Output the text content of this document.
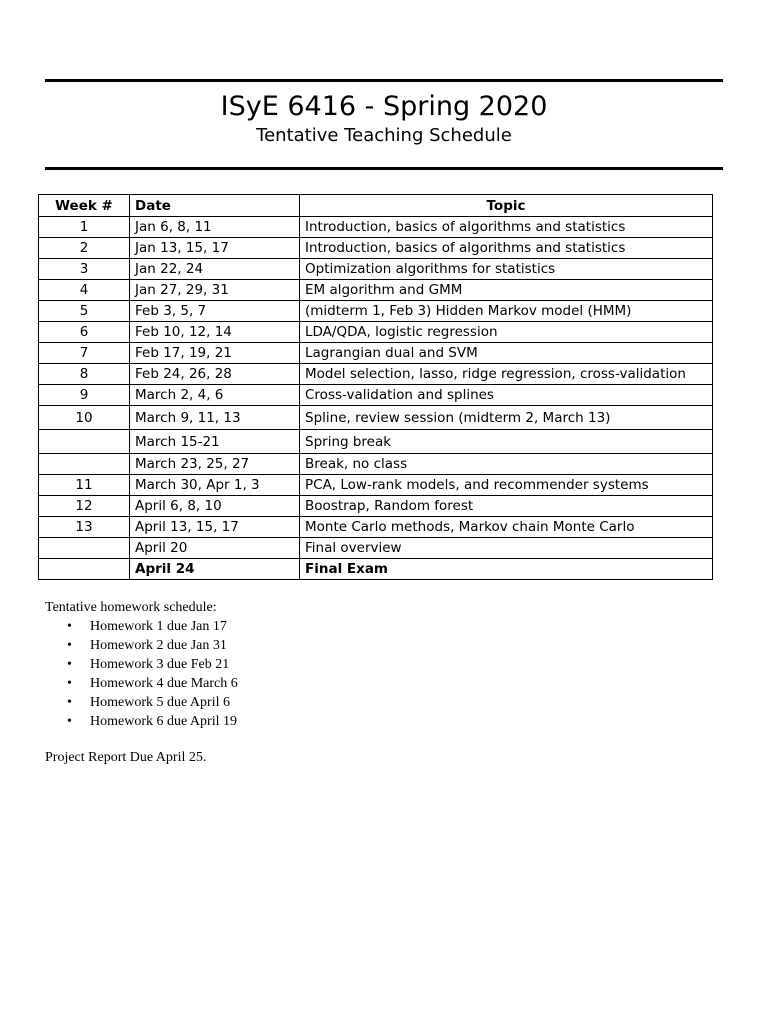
ISyE 6416 - Spring 2020
Tentative Teaching Schedule
Week #	Date	Topic
1	Jan 6, 8, 11	Introduction, basics of algorithms and statistics
2	Jan 13, 15, 17	Introduction, basics of algorithms and statistics
3	Jan 22, 24	Optimization algorithms for statistics
4	Jan 27, 29, 31	EM algorithm and GMM
5	Feb 3, 5, 7	(midterm 1, Feb 3) Hidden Markov model (HMM)
6	Feb 10, 12, 14	LDA/QDA, logistic regression
7	Feb 17, 19, 21	Lagrangian dual and SVM
8	Feb 24, 26, 28	Model selection, lasso, ridge regression, cross-validation
9	March 2, 4, 6	Cross-validation and splines
10	March 9, 11, 13	Spline, review session (midterm 2, March 13)
	March 15-21	Spring break
	March 23, 25, 27	Break, no class
11	March 30, Apr 1, 3	PCA, Low-rank models, and recommender systems
12	April 6, 8, 10	Boostrap, Random forest
13	April 13, 15, 17	Monte Carlo methods, Markov chain Monte Carlo
	April 20	Final overview
	April 24	Final Exam
Tentative homework schedule:
• Homework 1 due Jan 17
• Homework 2 due Jan 31
• Homework 3 due Feb 21
• Homework 4 due March 6
• Homework 5 due April 6
• Homework 6 due April 19
Project Report Due April 25.
